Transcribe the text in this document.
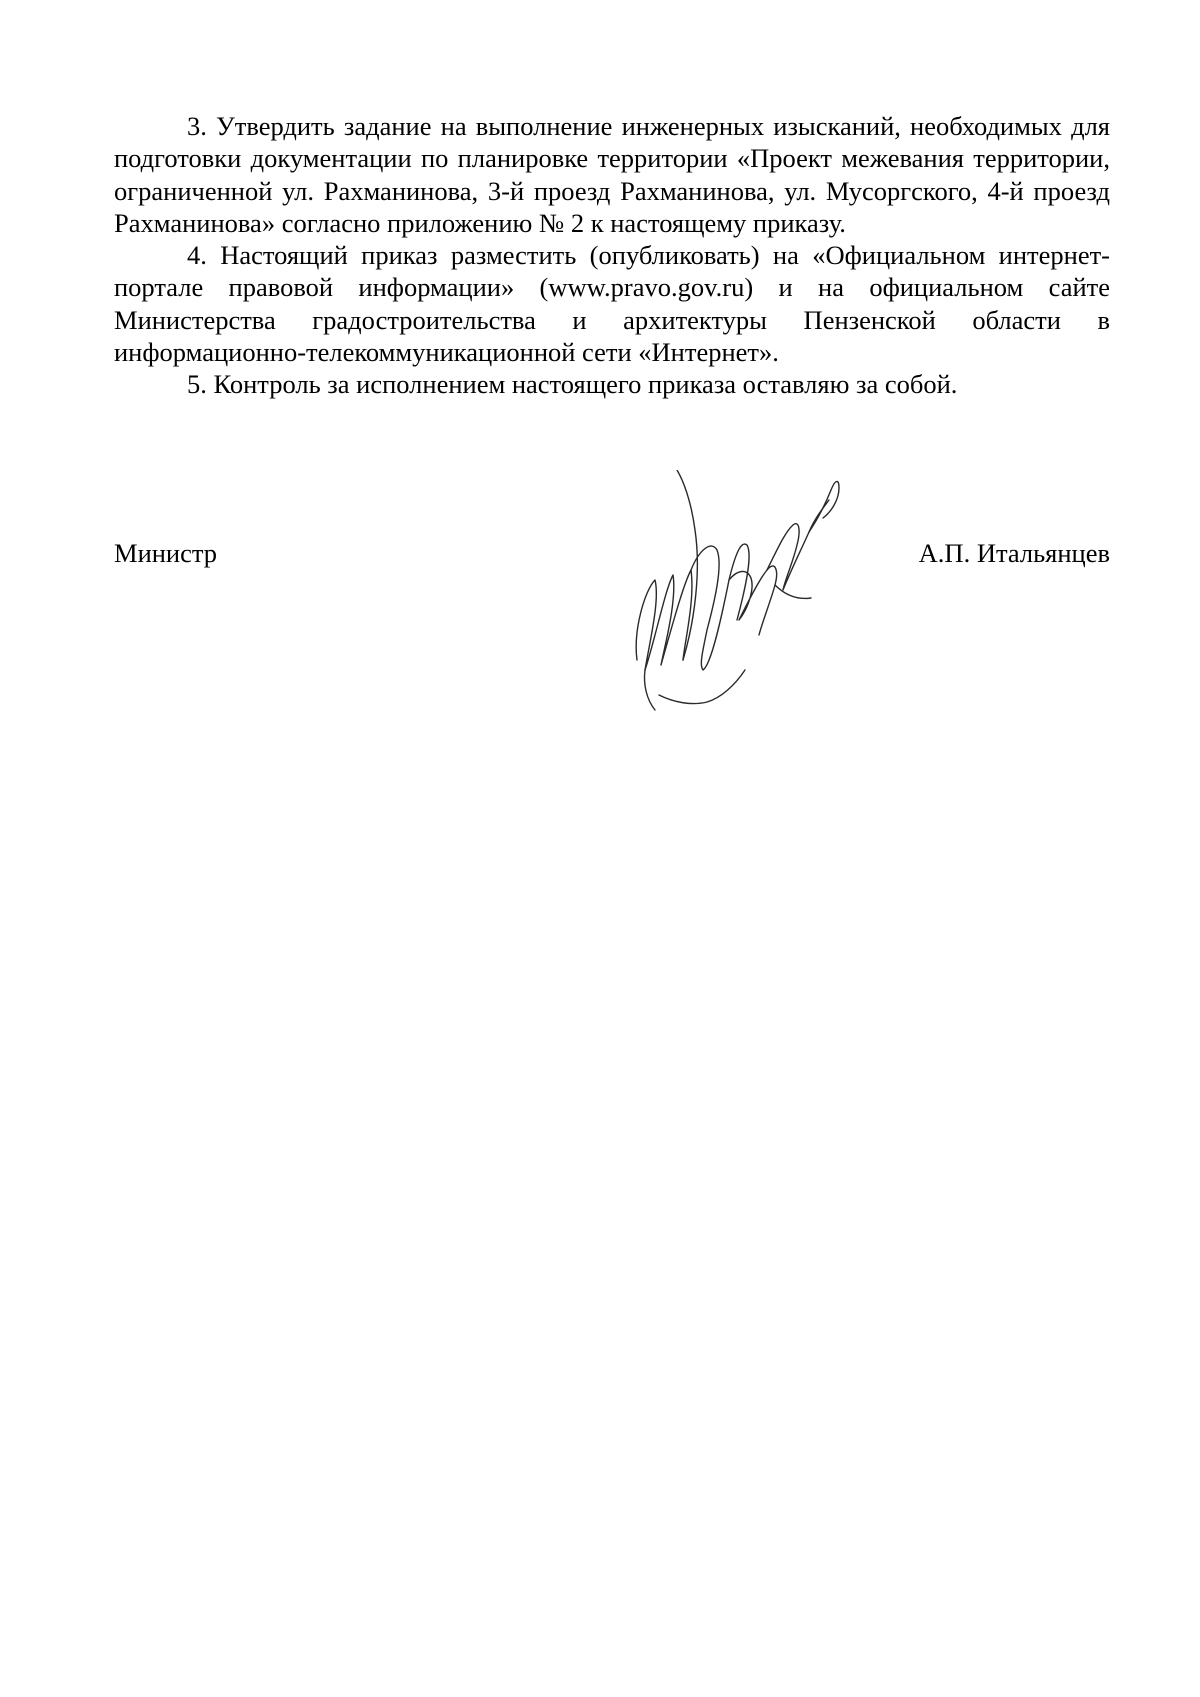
3. Утвердить задание на выполнение инженерных изысканий, необходимых для подготовки документации по планировке территории «Проект межевания территории, ограниченной ул. Рахманинова, 3-й проезд Рахманинова, ул. Мусоргского, 4-й проезд Рахманинова» согласно приложению № 2 к настоящему приказу.

4. Настоящий приказ разместить (опубликовать) на «Официальном интернет-портале правовой информации» (www.pravo.gov.ru) и на официальном сайте Министерства градостроительства и архитектуры Пензенской области в информационно-телекоммуникационной сети «Интернет».

5. Контроль за исполнением настоящего приказа оставляю за собой.

Министр	А.П. Итальянцев
